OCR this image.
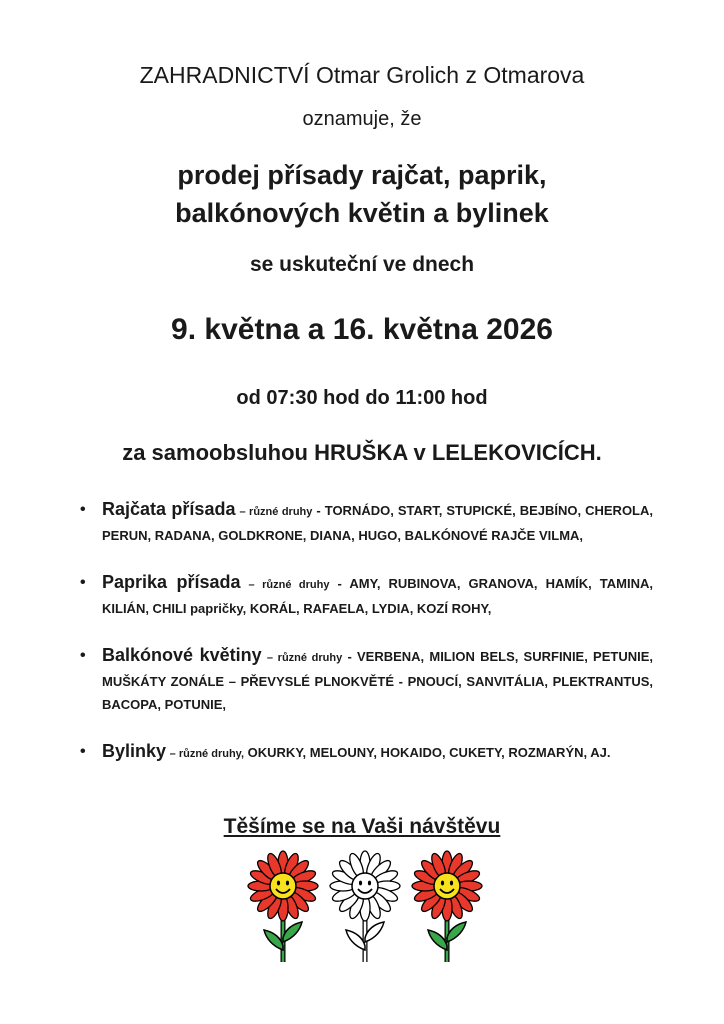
ZAHRADNICTVÍ Otmar Grolich z Otmarova
oznamuje, že
prodej přísady rajčat, paprik,
balkónových květin a bylinek
se uskuteční ve dnech
9. května a 16. května 2026
od 07:30 hod do 11:00 hod
za samoobsluhou HRUŠKA v LELEKOVICÍCH.
• Rajčata přísada – různé druhy - TORNÁDO, START, STUPICKÉ, BEJBÍNO, CHEROLA, PERUN, RADANA, GOLDKRONE, DIANA, HUGO, BALKÓNOVÉ RAJČE VILMA,
• Paprika přísada – různé druhy - AMY, RUBINOVA, GRANOVA, HAMÍK, TAMINA, KILIÁN, CHILI papričky, KORÁL, RAFAELA, LYDIA, KOZÍ ROHY,
• Balkónové květiny – různé druhy - VERBENA, MILION BELS, SURFINIE, PETUNIE, MUŠKÁTY ZONÁLE – PŘEVYSLÉ PLNOKVĚTÉ - PNOUCÍ, SANVITÁLIA, PLEKTRANTUS, BACOPA, POTUNIE,
• Bylinky – různé druhy, OKURKY, MELOUNY, HOKAIDO, CUKETY, ROZMARÝN, AJ.
Těšíme se na Vaši návštěvu
